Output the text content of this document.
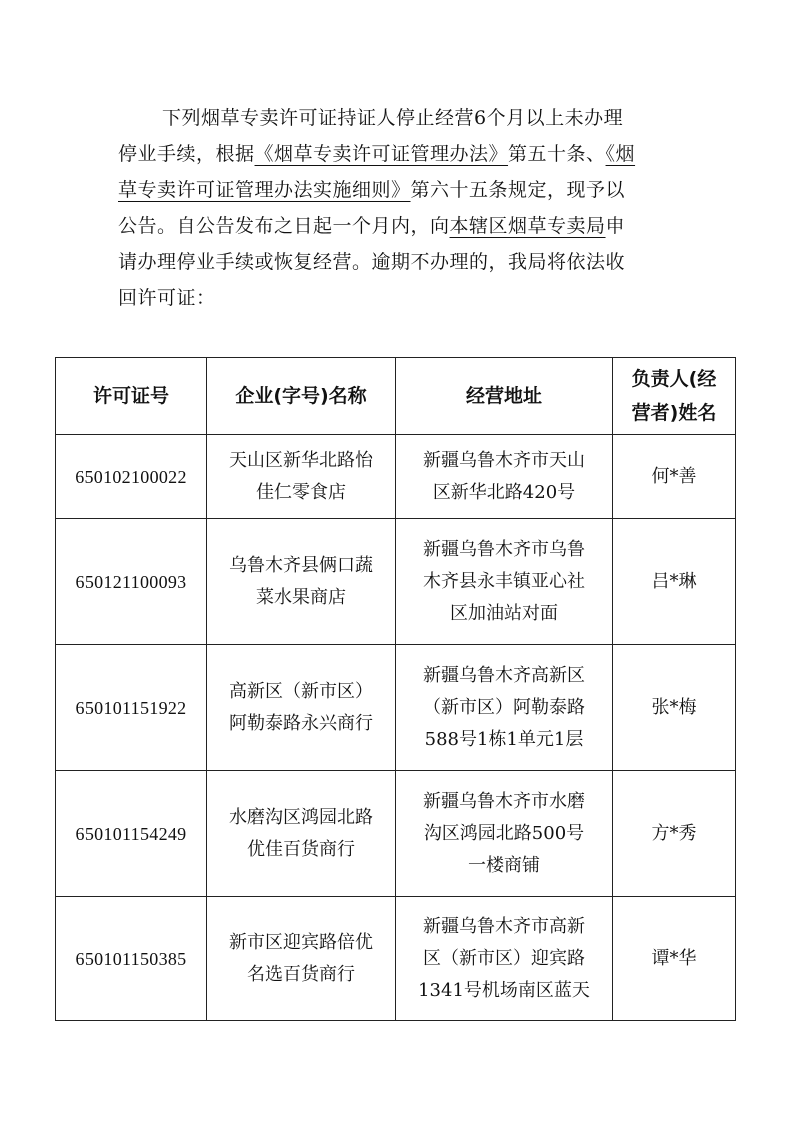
下列烟草专卖许可证持证人停止经营6个月以上未办理
停业手续，根据《烟草专卖许可证管理办法》第五十条、《烟
草专卖许可证管理办法实施细则》第六十五条规定，现予以
公告。自公告发布之日起一个月内，向本辖区烟草专卖局申
请办理停业手续或恢复经营。逾期不办理的，我局将依法收
回许可证：
许可证号	企业(字号)名称	经营地址	负责人(经
营者)姓名

650102100022	天山区新华北路怡
佳仁零食店	新疆乌鲁木齐市天山
区新华北路420号	何*善
650121100093	乌鲁木齐县俩口蔬
菜水果商店	新疆乌鲁木齐市乌鲁
木齐县永丰镇亚心社
区加油站对面	吕*琳
650101151922	高新区（新市区）
阿勒泰路永兴商行	新疆乌鲁木齐高新区
（新市区）阿勒泰路
588号1栋1单元1层	张*梅
650101154249	水磨沟区鸿园北路
优佳百货商行	新疆乌鲁木齐市水磨
沟区鸿园北路500号
一楼商铺	方*秀
650101150385	新市区迎宾路倍优
名选百货商行	新疆乌鲁木齐市高新
区（新市区）迎宾路
1341号机场南区蓝天	谭*华
